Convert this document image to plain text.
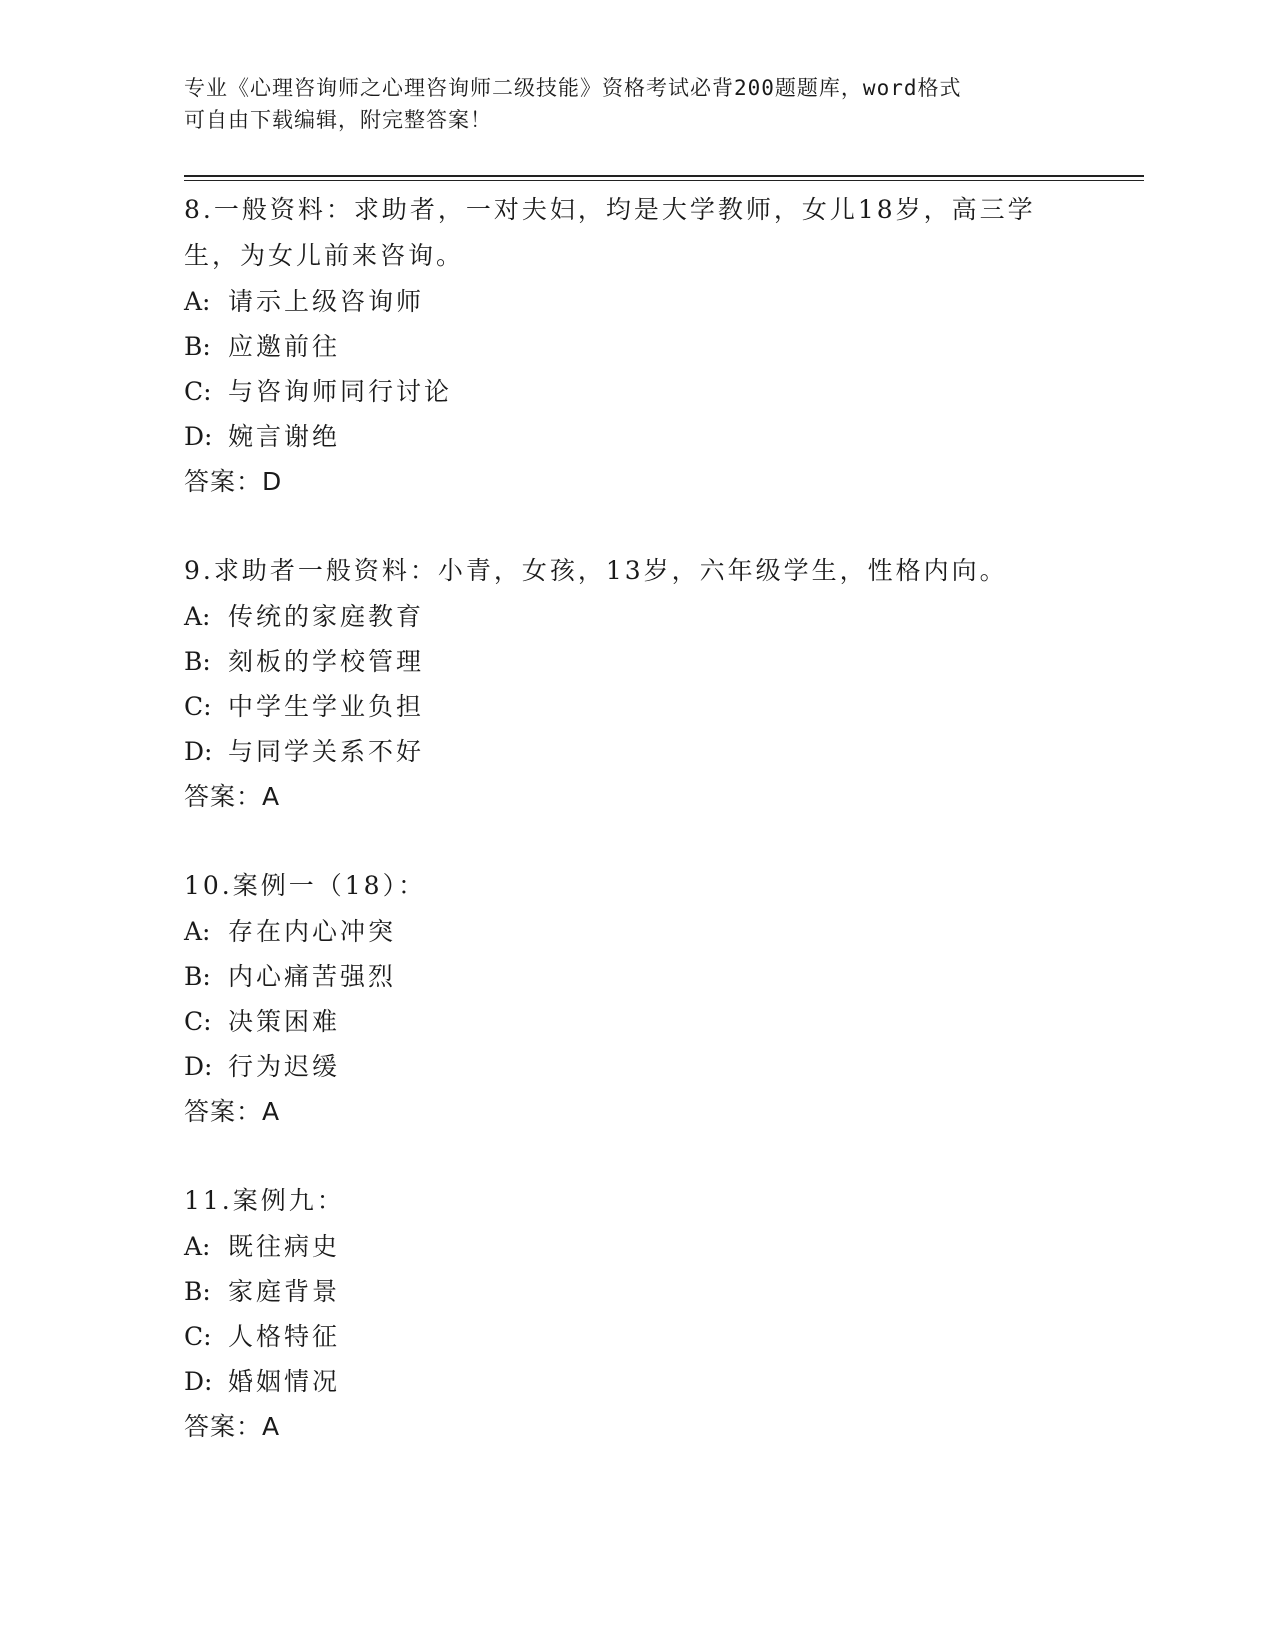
专业《心理咨询师之心理咨询师二级技能》资格考试必背200题题库，word格式
可自由下载编辑，附完整答案！
8.一般资料：求助者，一对夫妇，均是大学教师，女儿18岁，高三学
生，为女儿前来咨询。
A: 请示上级咨询师
B: 应邀前往
C: 与咨询师同行讨论
D: 婉言谢绝
答案：D
9.求助者一般资料：小青，女孩，13岁，六年级学生，性格内向。
A: 传统的家庭教育
B: 刻板的学校管理
C: 中学生学业负担
D: 与同学关系不好
答案：A
10.案例一（18）：
A: 存在内心冲突
B: 内心痛苦强烈
C: 决策困难
D: 行为迟缓
答案：A
11.案例九：
A: 既往病史
B: 家庭背景
C: 人格特征
D: 婚姻情况
答案：A
